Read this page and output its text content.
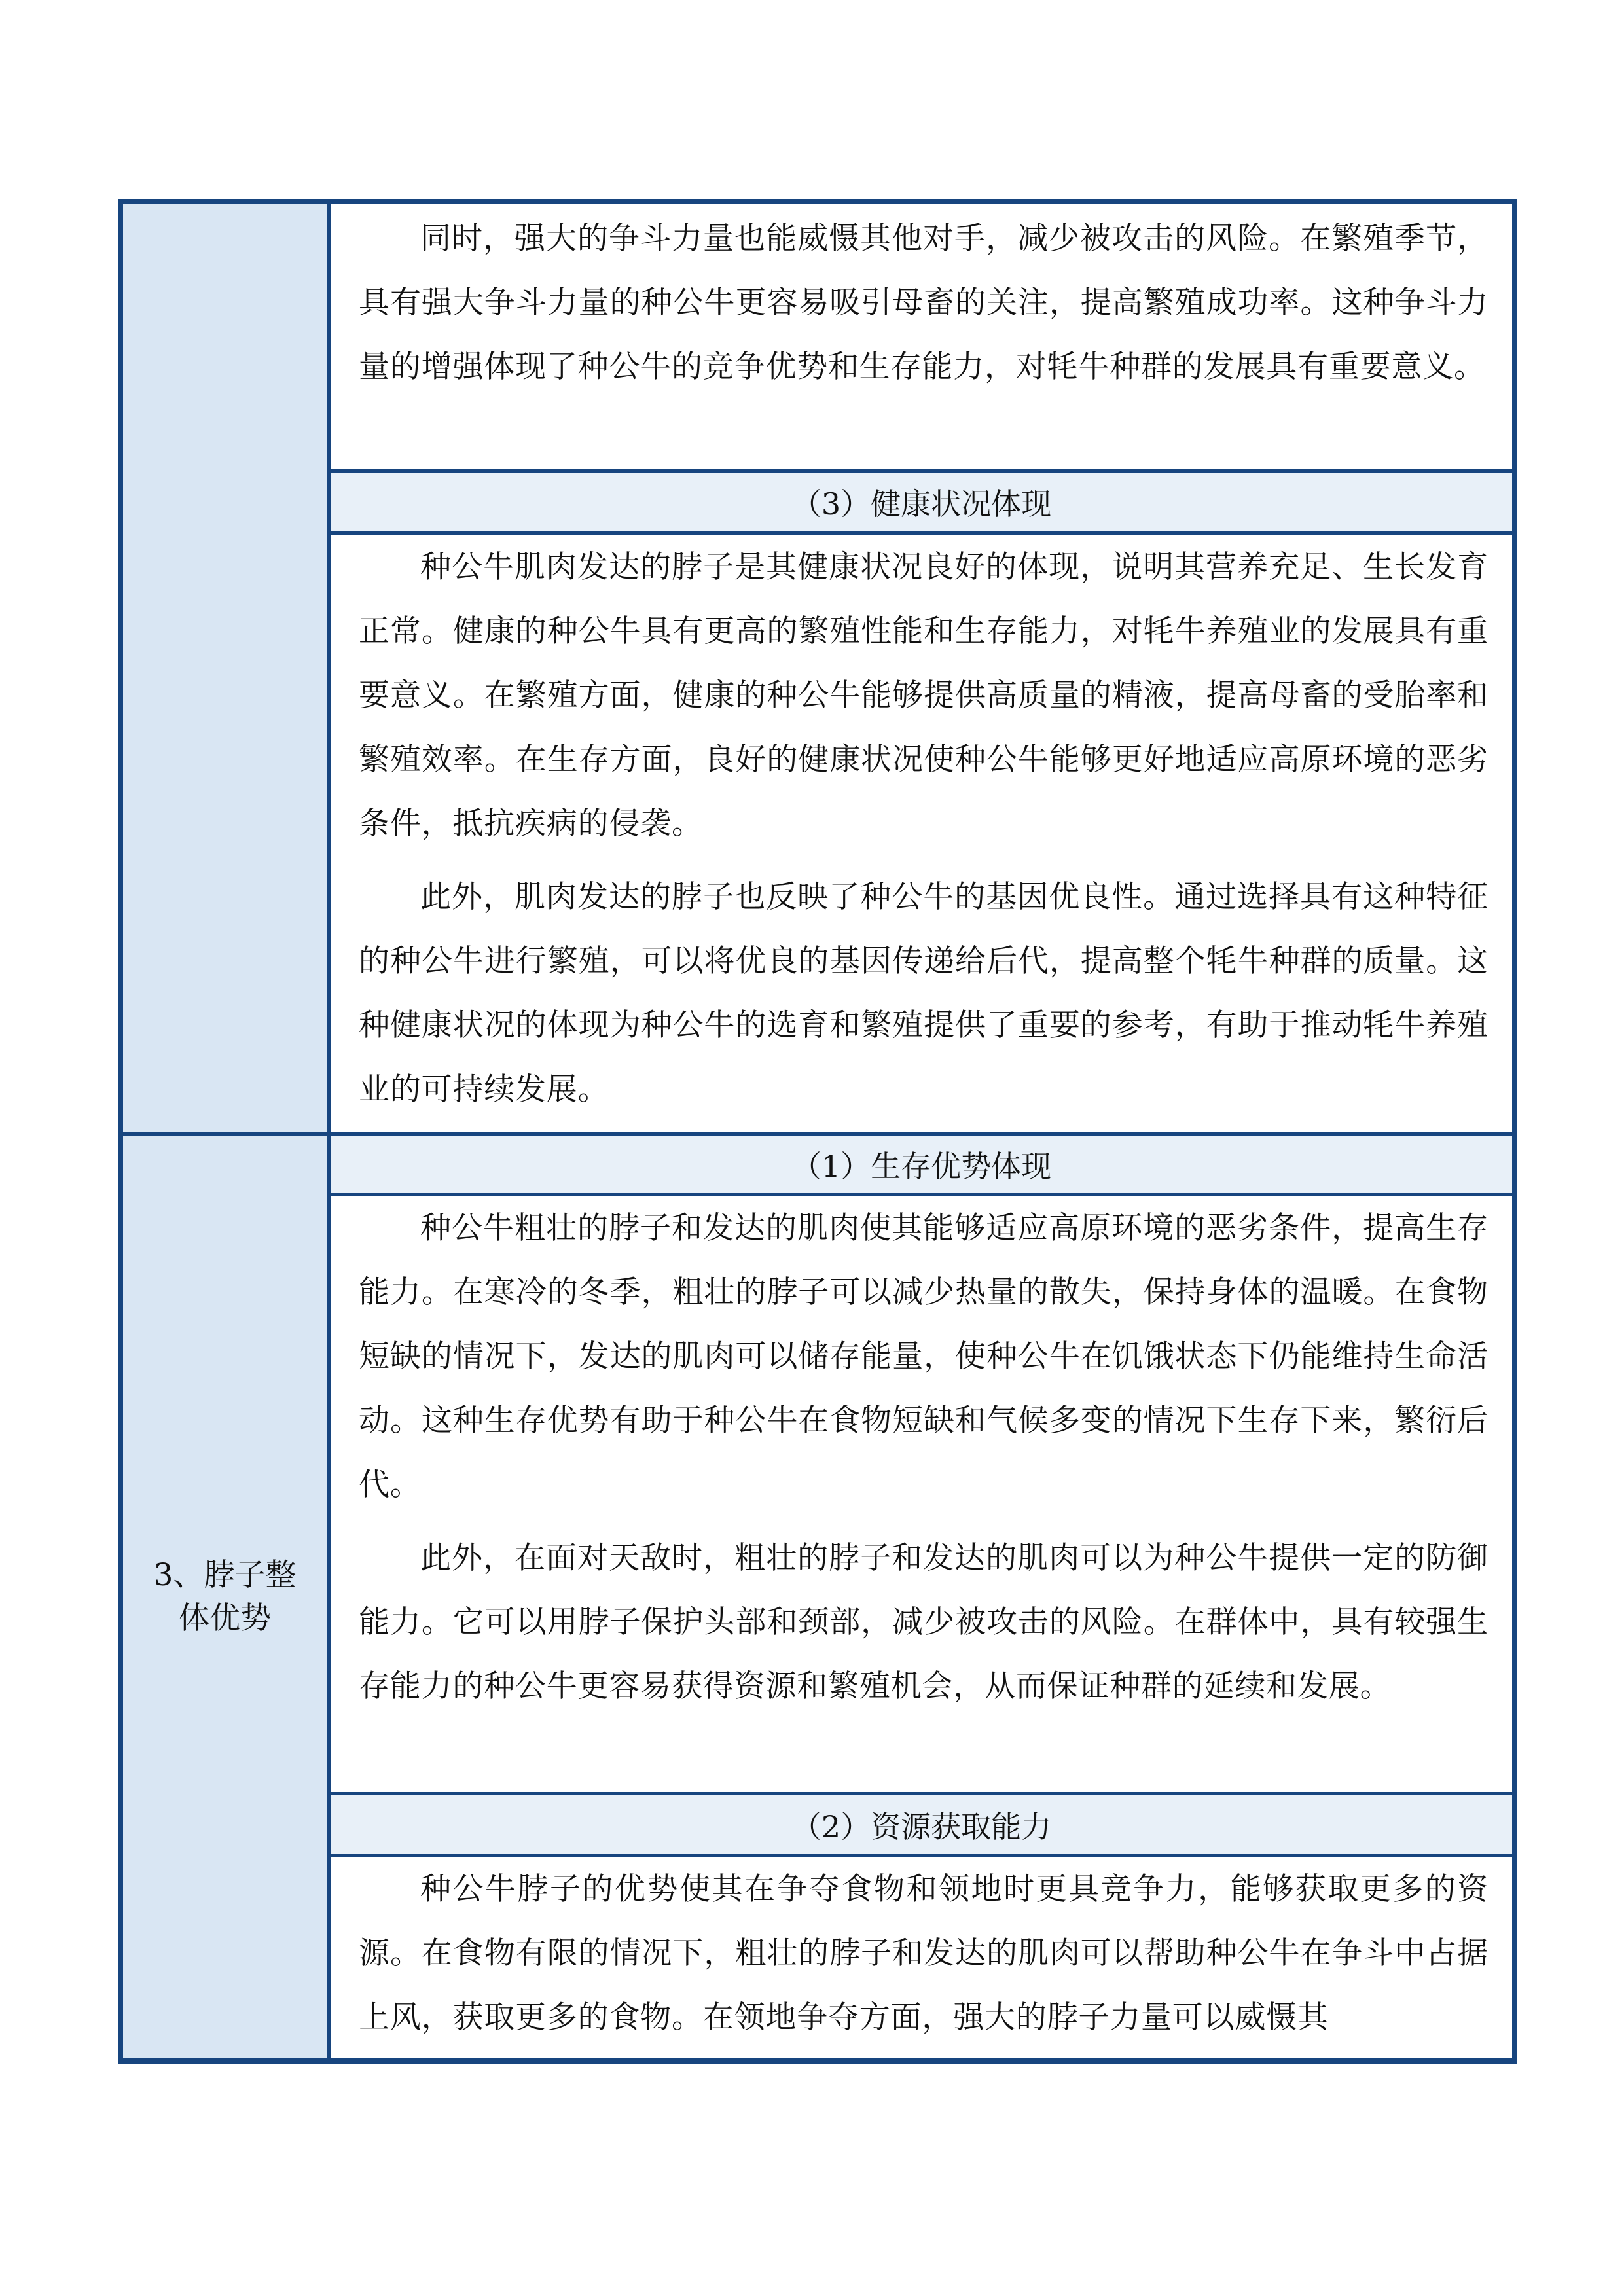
同时，强大的争斗力量也能威慑其他对手，减少被攻击的风险。在繁殖季节，具有强大争斗力量的种公牛更容易吸引母畜的关注，提高繁殖成功率。这种争斗力量的增强体现了种公牛的竞争优势和生存能力，对牦牛种群的发展具有重要意义。

（3）健康状况体现

种公牛肌肉发达的脖子是其健康状况良好的体现，说明其营养充足、生长发育正常。健康的种公牛具有更高的繁殖性能和生存能力，对牦牛养殖业的发展具有重要意义。在繁殖方面，健康的种公牛能够提供高质量的精液，提高母畜的受胎率和繁殖效率。在生存方面，良好的健康状况使种公牛能够更好地适应高原环境的恶劣条件，抵抗疾病的侵袭。

此外，肌肉发达的脖子也反映了种公牛的基因优良性。通过选择具有这种特征的种公牛进行繁殖，可以将优良的基因传递给后代，提高整个牦牛种群的质量。这种健康状况的体现为种公牛的选育和繁殖提供了重要的参考，有助于推动牦牛养殖业的可持续发展。

3、脖子整体优势
（1）生存优势体现

种公牛粗壮的脖子和发达的肌肉使其能够适应高原环境的恶劣条件，提高生存能力。在寒冷的冬季，粗壮的脖子可以减少热量的散失，保持身体的温暖。在食物短缺的情况下，发达的肌肉可以储存能量，使种公牛在饥饿状态下仍能维持生命活动。这种生存优势有助于种公牛在食物短缺和气候多变的情况下生存下来，繁衍后代。

此外，在面对天敌时，粗壮的脖子和发达的肌肉可以为种公牛提供一定的防御能力。它可以用脖子保护头部和颈部，减少被攻击的风险。在群体中，具有较强生存能力的种公牛更容易获得资源和繁殖机会，从而保证种群的延续和发展。

（2）资源获取能力

种公牛脖子的优势使其在争夺食物和领地时更具竞争力，能够获取更多的资源。在食物有限的情况下，粗壮的脖子和发达的肌肉可以帮助种公牛在争斗中占据上风，获取更多的食物。在领地争夺方面，强大的脖子力量可以威慑其
